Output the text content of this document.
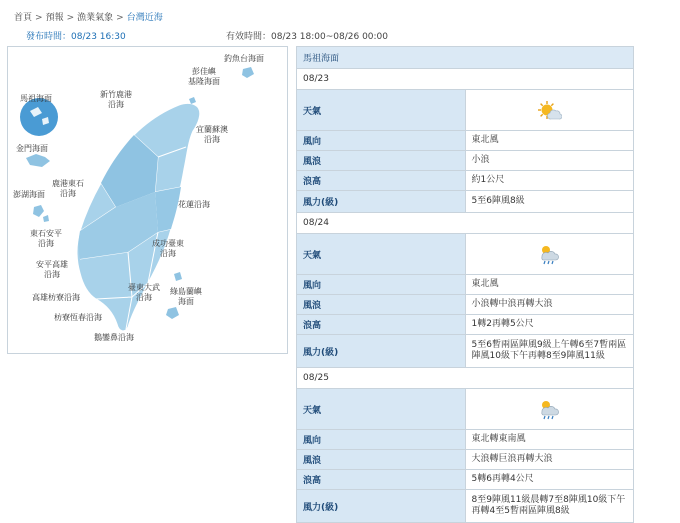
首頁 > 預報 > 漁業氣象 > 台灣近海
發布時間：08/23 16:30	有效時間：08/23 18:00~08/26 00:00
馬祖海面
金門海面
澎湖海面
釣魚台海面
彭佳嶼
基隆海面
新竹鹿港
沿海
宜蘭蘇澳
沿海
鹿港東石
沿海
花蓮沿海
東石安平
沿海	成功臺東
沿海
安平高雄
沿海
臺東大武
沿海
綠島蘭嶼
海面
高雄枋寮沿海
枋寮恆春沿海
鵝鑾鼻沿海
馬祖海面	
08/23	
天氣	

風向	東北風
風浪	小浪
浪高	約1公尺
風力(級)	5至6陣風8級
08/24	
天氣	

風向	東北風
風浪	小浪轉中浪再轉大浪
浪高	1轉2再轉5公尺
風力(級)	5至6暫兩區陣風9級上午轉6至7暫兩區陣風10級下午再轉8至9陣風11級
08/25	
天氣	

風向	東北轉東南風
風浪	大浪轉巨浪再轉大浪
浪高	5轉6再轉4公尺
風力(級)	8至9陣風11級晨轉7至8陣風10級下午再轉4至5暫兩區陣風8級
